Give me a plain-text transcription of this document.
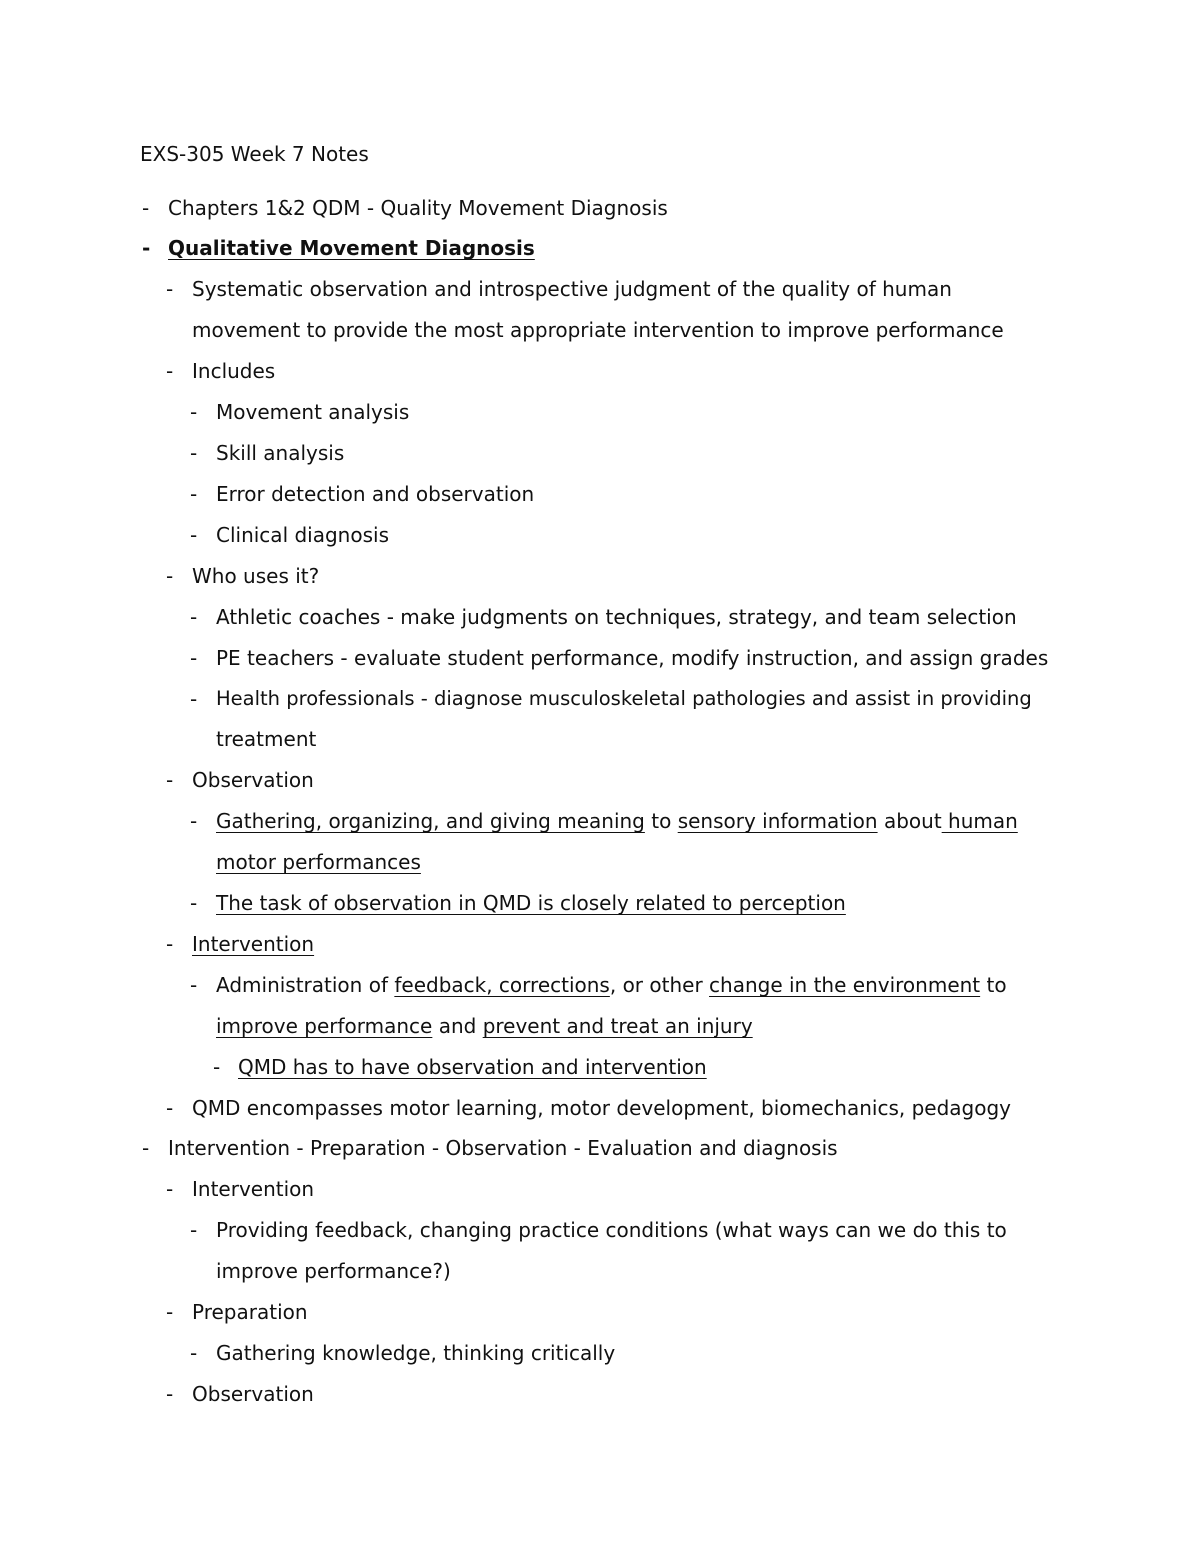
EXS-305 Week 7 Notes
- Chapters 1&2 QDM - Quality Movement Diagnosis
- Qualitative Movement Diagnosis
- Systematic observation and introspective judgment of the quality of human
movement to provide the most appropriate intervention to improve performance
- Includes
- Movement analysis
- Skill analysis
- Error detection and observation
- Clinical diagnosis
- Who uses it?
- Athletic coaches - make judgments on techniques, strategy, and team selection
- PE teachers - evaluate student performance, modify instruction, and assign grades
- Health professionals - diagnose musculoskeletal pathologies and assist in providing
treatment
- Observation
- Gathering, organizing, and giving meaning to sensory information about human
motor performances
- The task of observation in QMD is closely related to perception
- Intervention
- Administration of feedback, corrections, or other change in the environment to
improve performance and prevent and treat an injury
- QMD has to have observation and intervention
- QMD encompasses motor learning, motor development, biomechanics, pedagogy
- Intervention - Preparation - Observation - Evaluation and diagnosis
- Intervention
- Providing feedback, changing practice conditions (what ways can we do this to
improve performance?)
- Preparation
- Gathering knowledge, thinking critically
- Observation
